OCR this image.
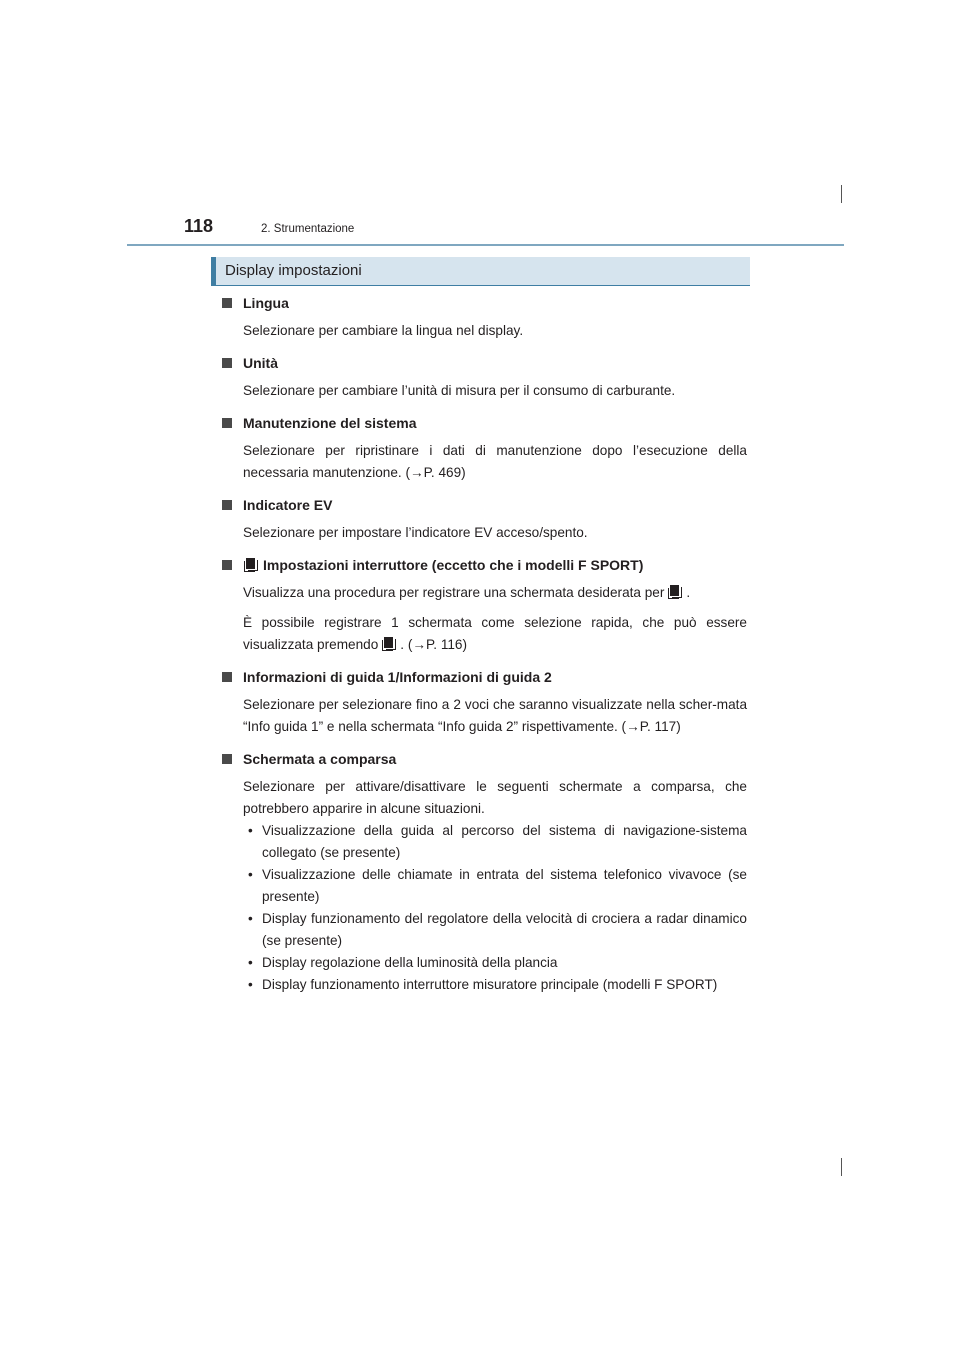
118	2. Strumentazione
Display impostazioni
Lingua

Selezionare per cambiare la lingua nel display.

Unità

Selezionare per cambiare l’unità di misura per il consumo di carburante.

Manutenzione del sistema

Selezionare per ripristinare i dati di manutenzione dopo l’esecuzione della necessaria manutenzione. (→P. 469)

Indicatore EV

Selezionare per impostare l’indicatore EV acceso/spento.

Impostazioni interruttore (eccetto che i modelli F SPORT)

Visualizza una procedura per registrare una schermata desiderata per .

È possibile registrare 1 schermata come selezione rapida, che può essere visualizzata premendo . (→P. 116)

Informazioni di guida 1/Informazioni di guida 2

Selezionare per selezionare fino a 2 voci che saranno visualizzate nella scher-mata “Info guida 1” e nella schermata “Info guida 2” rispettivamente. (→P. 117)

Schermata a comparsa

Selezionare per attivare/disattivare le seguenti schermate a comparsa, che potrebbero apparire in alcune situazioni.

• Visualizzazione della guida al percorso del sistema di navigazione-sistema collegato (se presente)
• Visualizzazione delle chiamate in entrata del sistema telefonico vivavoce (se presente)
• Display funzionamento del regolatore della velocità di crociera a radar dinamico (se presente)
• Display regolazione della luminosità della plancia
• Display funzionamento interruttore misuratore principale (modelli F SPORT)
